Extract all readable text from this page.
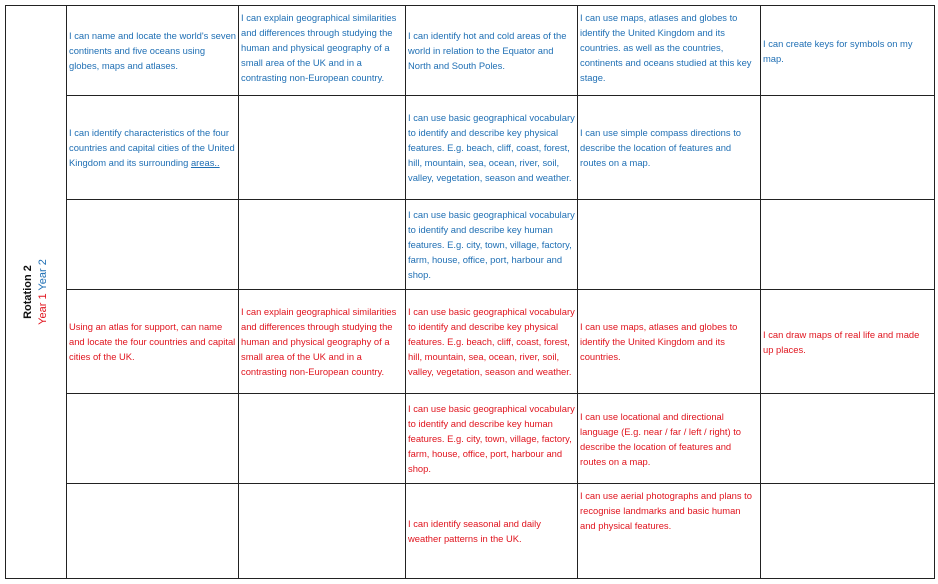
Rotation 2 Year 1 Year 2
I can name and locate the world's seven continents and five oceans using globes, maps and atlases.
I can explain geographical similarities and differences through studying the human and physical geography of a small area of the UK and in a contrasting non-European country.
I can identify hot and cold areas of the world in relation to the Equator and North and South Poles.
I can use maps, atlases and globes to identify the United Kingdom and its countries. as well as the countries, continents and oceans studied at this key stage.
I can create keys for symbols on my map.
I can identify characteristics of the four countries and capital cities of the United Kingdom and its surrounding areas..
I can use basic geographical vocabulary to identify and describe key physical features. E.g. beach, cliff, coast, forest, hill, mountain, sea, ocean, river, soil, valley, vegetation, season and weather.
I can use simple compass directions to describe the location of features and routes on a map.
I can use basic geographical vocabulary to identify and describe key human features. E.g. city, town, village, factory, farm, house, office, port, harbour and shop.
Using an atlas for support, can name and locate the four countries and capital cities of the UK.
I can explain geographical similarities and differences through studying the human and physical geography of a small area of the UK and in a contrasting non-European country.
I can use basic geographical vocabulary to identify and describe key physical features. E.g. beach, cliff, coast, forest, hill, mountain, sea, ocean, river, soil, valley, vegetation, season and weather.
I can use maps, atlases and globes to identify the United Kingdom and its countries.
I can draw maps of real life and made up places.
I can use basic geographical vocabulary to identify and describe key human features. E.g. city, town, village, factory, farm, house, office, port, harbour and shop.
I can use locational and directional language (E.g. near / far / left / right) to describe the location of features and routes on a map.
I can identify seasonal and daily weather patterns in the UK.
I can use aerial photographs and plans to recognise landmarks and basic human and physical features.
